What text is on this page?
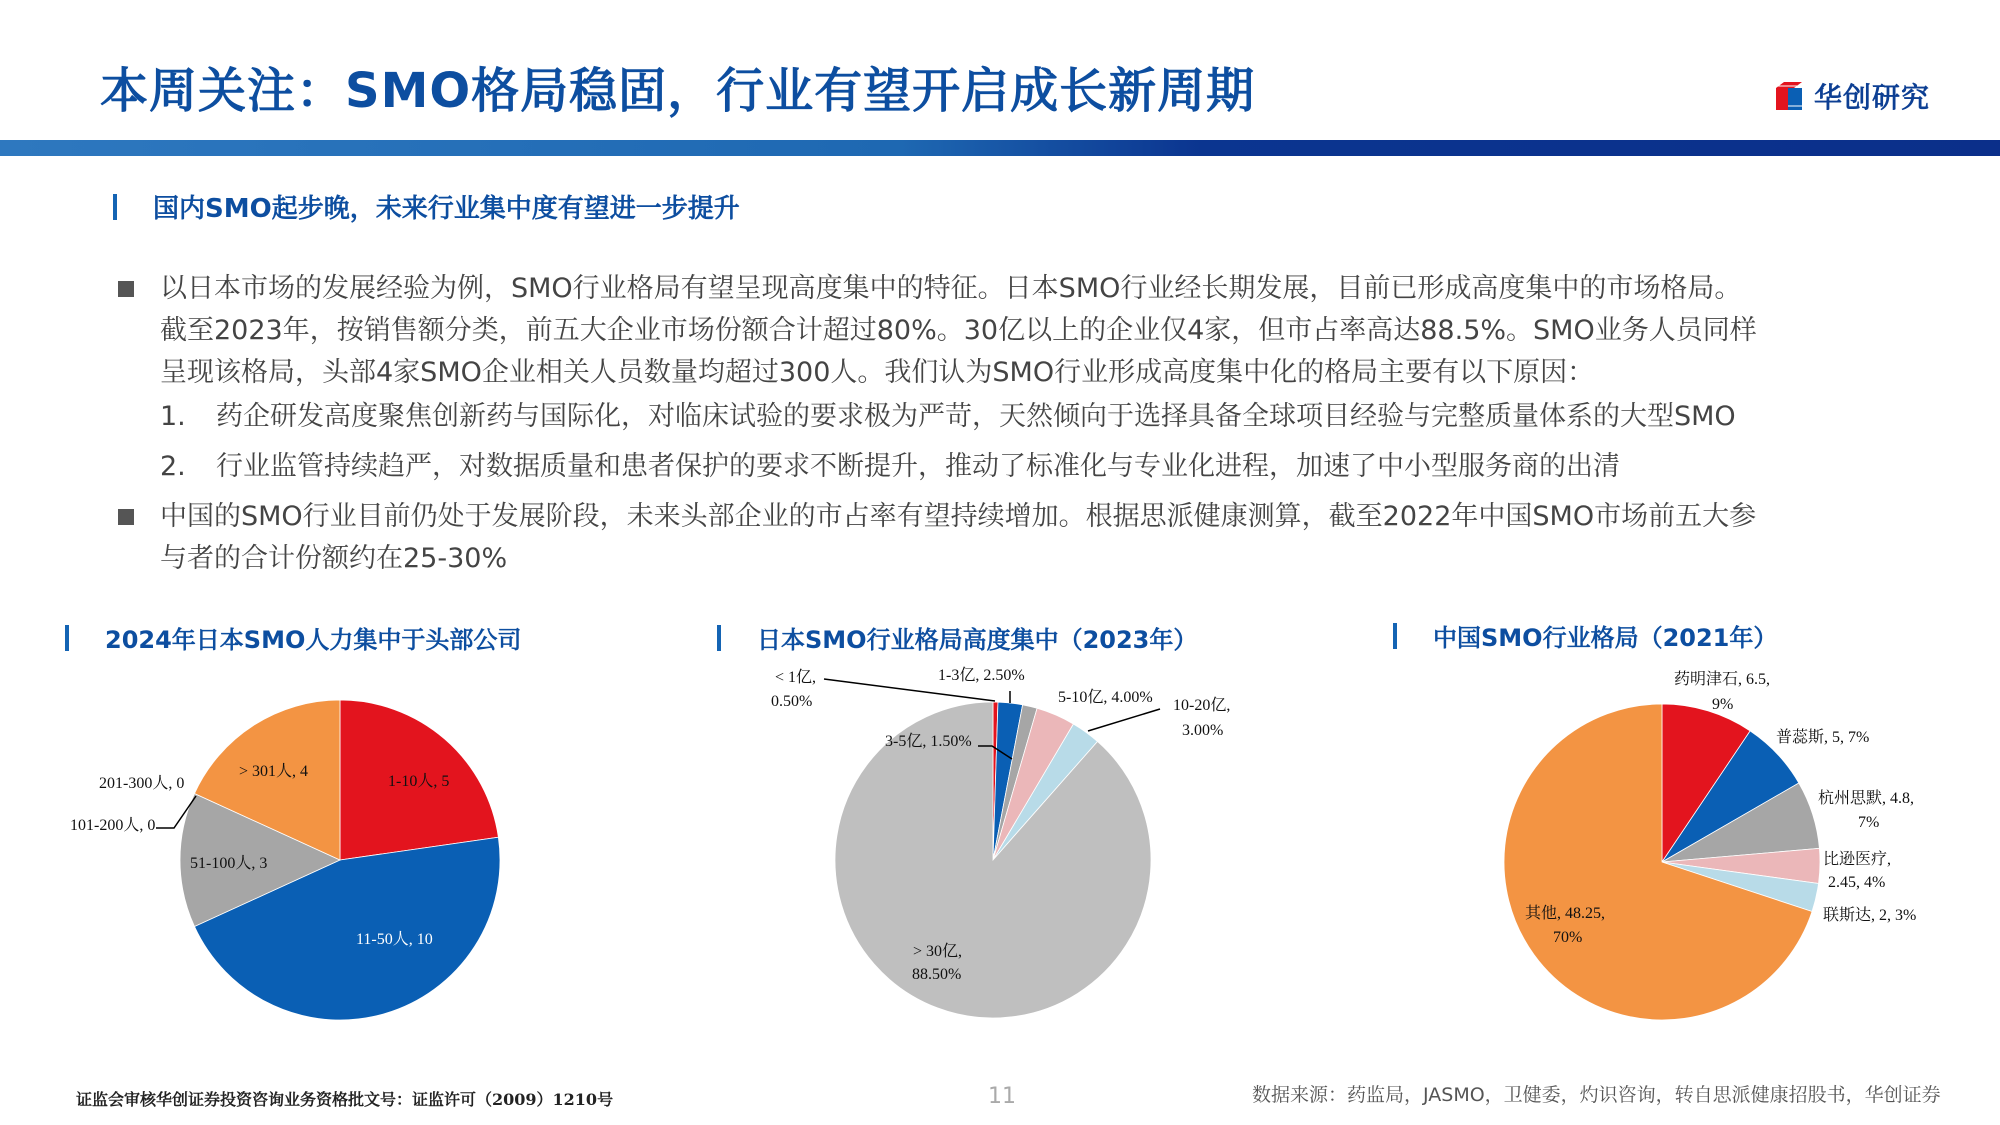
本周关注：SMO格局稳固，行业有望开启成长新周期	华创研究
国内SMO起步晚，未来行业集中度有望进一步提升
以日本市场的发展经验为例，SMO行业格局有望呈现高度集中的特征。日本SMO行业经长期发展，目前已形成高度集中的市场格局。
截至2023年，按销售额分类，前五大企业市场份额合计超过80%。30亿以上的企业仅4家，但市占率高达88.5%。SMO业务人员同样
呈现该格局，头部4家SMO企业相关人员数量均超过300人。我们认为SMO行业形成高度集中化的格局主要有以下原因：
1.	药企研发高度聚焦创新药与国际化，对临床试验的要求极为严苛，天然倾向于选择具备全球项目经验与完整质量体系的大型SMO
2.	行业监管持续趋严，对数据质量和患者保护的要求不断提升，推动了标准化与专业化进程，加速了中小型服务商的出清
中国的SMO行业目前仍处于发展阶段，未来头部企业的市占率有望持续增加。根据思派健康测算，截至2022年中国SMO市场前五大参
与者的合计份额约在25-30%
2024年日本SMO人力集中于头部公司	日本SMO行业格局高度集中（2023年）	中国SMO行业格局（2021年）
1-10人, 5
11-50人, 10
51-100人, 3
101-200人, 0
201-300人, 0
> 301人, 4
< 1亿,
0.50%
1-3亿, 2.50%
3-5亿, 1.50%
5-10亿, 4.00% 10-20亿,
3.00%
> 30亿,
88.50%
药明津石, 6.5,
9%
普蕊斯, 5, 7%
杭州思默, 4.8,
7%
比逊医疗,
2.45, 4%
联斯达, 2, 3%
其他, 48.25,
70%
证监会审核华创证券投资咨询业务资格批文号：证监许可（2009）1210号	11	数据来源：药监局，JASMO，卫健委，灼识咨询，转自思派健康招股书，华创证券
